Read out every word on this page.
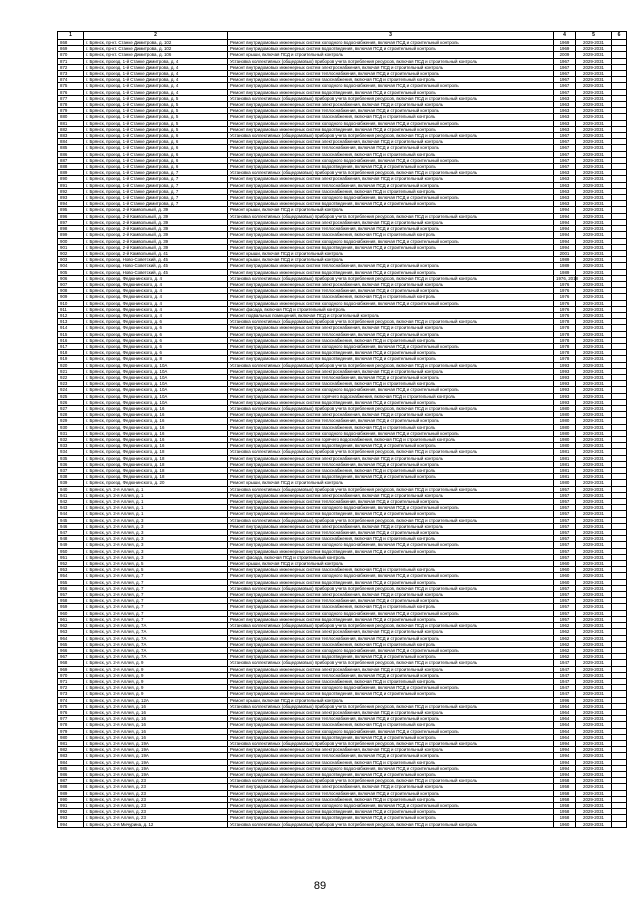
1	2	3	4	5	6
868	г. Брянск, пр-кт. Станке Димитрова, д. 102	Ремонт внутридомовых инженерных систем холодного водоснабжения, включая ПСД и строительный контроль	1969	2029-2031	
869	г. Брянск, пр-кт. Станке Димитрова, д. 102	Ремонт внутридомовых инженерных систем водоотведения, включая ПСД и строительный контроль	1969	2029-2031	
870	г. Брянск, пр-кт. Станке Димитрова, д. 106	Ремонт крыши, включая ПСД и строительный контроль	2009	2029-2031	
871	г. Брянск, проезд. 1-й Станке Димитрова, д. 4	Установка коллективных (общедомовых) приборов учета потребления ресурсов, включая ПСД и строительный контроль	1967	2029-2031	
872	г. Брянск, проезд. 1-й Станке Димитрова, д. 4	Ремонт внутридомовых инженерных систем электроснабжения, включая ПСД и строительный контроль	1967	2029-2031	
873	г. Брянск, проезд. 1-й Станке Димитрова, д. 4	Ремонт внутридомовых инженерных систем теплоснабжения, включая ПСД и строительный контроль	1967	2029-2031	
874	г. Брянск, проезд. 1-й Станке Димитрова, д. 4	Ремонт внутридомовых инженерных систем газоснабжения, включая ПСД и строительный контроль	1967	2029-2031	
875	г. Брянск, проезд. 1-й Станке Димитрова, д. 4	Ремонт внутридомовых инженерных систем холодного водоснабжения, включая ПСД и строительный контроль	1967	2029-2031	
876	г. Брянск, проезд. 1-й Станке Димитрова, д. 4	Ремонт внутридомовых инженерных систем водоотведения, включая ПСД и строительный контроль	1967	2029-2031	
877	г. Брянск, проезд. 1-й Станке Димитрова, д. 5	Установка коллективных (общедомовых) приборов учета потребления ресурсов, включая ПСД и строительный контроль	1963	2029-2031	
878	г. Брянск, проезд. 1-й Станке Димитрова, д. 5	Ремонт внутридомовых инженерных систем электроснабжения, включая ПСД и строительный контроль	1963	2029-2031	
879	г. Брянск, проезд. 1-й Станке Димитрова, д. 5	Ремонт внутридомовых инженерных систем теплоснабжения, включая ПСД и строительный контроль	1963	2029-2031	
880	г. Брянск, проезд. 1-й Станке Димитрова, д. 5	Ремонт внутридомовых инженерных систем газоснабжения, включая ПСД и строительный контроль	1963	2029-2031	
881	г. Брянск, проезд. 1-й Станке Димитрова, д. 5	Ремонт внутридомовых инженерных систем холодного водоснабжения, включая ПСД и строительный контроль	1963	2029-2031	
882	г. Брянск, проезд. 1-й Станке Димитрова, д. 5	Ремонт внутридомовых инженерных систем водоотведения, включая ПСД и строительный контроль	1963	2029-2031	
883	г. Брянск, проезд. 1-й Станке Димитрова, д. 6	Установка коллективных (общедомовых) приборов учета потребления ресурсов, включая ПСД и строительный контроль	1967	2029-2031	
884	г. Брянск, проезд. 1-й Станке Димитрова, д. 6	Ремонт внутридомовых инженерных систем электроснабжения, включая ПСД и строительный контроль	1967	2029-2031	
885	г. Брянск, проезд. 1-й Станке Димитрова, д. 6	Ремонт внутридомовых инженерных систем теплоснабжения, включая ПСД и строительный контроль	1967	2029-2031	
886	г. Брянск, проезд. 1-й Станке Димитрова, д. 6	Ремонт внутридомовых инженерных систем газоснабжения, включая ПСД и строительный контроль	1967	2029-2031	
887	г. Брянск, проезд. 1-й Станке Димитрова, д. 6	Ремонт внутридомовых инженерных систем холодного водоснабжения, включая ПСД и строительный контроль	1967	2029-2031	
888	г. Брянск, проезд. 1-й Станке Димитрова, д. 6	Ремонт внутридомовых инженерных систем водоотведения, включая ПСД и строительный контроль	1967	2029-2031	
889	г. Брянск, проезд. 1-й Станке Димитрова, д. 7	Установка коллективных (общедомовых) приборов учета потребления ресурсов, включая ПСД и строительный контроль	1963	2029-2031	
890	г. Брянск, проезд. 1-й Станке Димитрова, д. 7	Ремонт внутридомовых инженерных систем электроснабжения, включая ПСД и строительный контроль	1963	2029-2031	
891	г. Брянск, проезд. 1-й Станке Димитрова, д. 7	Ремонт внутридомовых инженерных систем теплоснабжения, включая ПСД и строительный контроль	1963	2029-2031	
892	г. Брянск, проезд. 1-й Станке Димитрова, д. 7	Ремонт внутридомовых инженерных систем газоснабжения, включая ПСД и строительный контроль	1963	2029-2031	
893	г. Брянск, проезд. 1-й Станке Димитрова, д. 7	Ремонт внутридомовых инженерных систем холодного водоснабжения, включая ПСД и строительный контроль	1963	2029-2031	
894	г. Брянск, проезд. 1-й Станке Димитрова, д. 7	Ремонт внутридомовых инженерных систем водоотведения, включая ПСД и строительный контроль	1963	2029-2031	
895	г. Брянск, проезд. 2-й Камвольный, д. 39	Ремонт крыши, включая ПСД и строительный контроль	1994	2029-2031	
896	г. Брянск, проезд. 2-й Камвольный, д. 39	Установка коллективных (общедомовых) приборов учета потребления ресурсов, включая ПСД и строительный контроль	1994	2029-2031	
897	г. Брянск, проезд. 2-й Камвольный, д. 39	Ремонт внутридомовых инженерных систем электроснабжения, включая ПСД и строительный контроль	1994	2029-2031	
898	г. Брянск, проезд. 2-й Камвольный, д. 39	Ремонт внутридомовых инженерных систем теплоснабжения, включая ПСД и строительный контроль	1994	2029-2031	
899	г. Брянск, проезд. 2-й Камвольный, д. 39	Ремонт внутридомовых инженерных систем газоснабжения, включая ПСД и строительный контроль	1994	2029-2031	
900	г. Брянск, проезд. 2-й Камвольный, д. 39	Ремонт внутридомовых инженерных систем холодного водоснабжения, включая ПСД и строительный контроль	1994	2029-2031	
901	г. Брянск, проезд. 2-й Камвольный, д. 39	Ремонт внутридомовых инженерных систем водоотведения, включая ПСД и строительный контроль	1994	2029-2031	
902	г. Брянск, проезд. 2-й Камвольный, д. 41	Ремонт крыши, включая ПСД и строительный контроль	2001	2029-2031	
903	г. Брянск, проезд. Ново-Советский, д. 45	Ремонт крыши, включая ПСД и строительный контроль	1989	2029-2031	
904	г. Брянск, проезд. Ново-Советский, д. 45	Ремонт внутридомовых инженерных систем теплоснабжения, включая ПСД и строительный контроль	1989	2029-2031	
905	г. Брянск, проезд. Ново-Советский, д. 45	Ремонт внутридомовых инженерных систем водоотведения, включая ПСД и строительный контроль	1989	2029-2031	
906	г. Брянск, проезд. Федюнинского, д. 4	Установка коллективных (общедомовых) приборов учета потребления ресурсов, включая ПСД и строительный контроль	1976, 2018	2029-2031	
907	г. Брянск, проезд. Федюнинского, д. 4	Ремонт внутридомовых инженерных систем электроснабжения, включая ПСД и строительный контроль	1976	2029-2031	
908	г. Брянск, проезд. Федюнинского, д. 4	Ремонт внутридомовых инженерных систем теплоснабжения, включая ПСД и строительный контроль	1976	2029-2031	
909	г. Брянск, проезд. Федюнинского, д. 4	Ремонт внутридомовых инженерных систем газоснабжения, включая ПСД и строительный контроль	1976	2029-2031	
910	г. Брянск, проезд. Федюнинского, д. 4	Ремонт внутридомовых инженерных систем холодного водоснабжения, включая ПСД и строительный контроль	1976	2029-2031	
911	г. Брянск, проезд. Федюнинского, д. 4	Ремонт фасада, включая ПСД и строительный контроль	1976	2029-2031	
912	г. Брянск, проезд. Федюнинского, д. 4	Ремонт подвальных помещений, включая ПСД и строительный контроль	1976	2029-2031	
913	г. Брянск, проезд. Федюнинского, д. 6	Установка коллективных (общедомовых) приборов учета потребления ресурсов, включая ПСД и строительный контроль	1978	2029-2031	
914	г. Брянск, проезд. Федюнинского, д. 6	Ремонт внутридомовых инженерных систем электроснабжения, включая ПСД и строительный контроль	1978	2029-2031	
915	г. Брянск, проезд. Федюнинского, д. 6	Ремонт внутридомовых инженерных систем теплоснабжения, включая ПСД и строительный контроль	1978	2029-2031	
916	г. Брянск, проезд. Федюнинского, д. 6	Ремонт внутридомовых инженерных систем газоснабжения, включая ПСД и строительный контроль	1978	2029-2031	
917	г. Брянск, проезд. Федюнинского, д. 6	Ремонт внутридомовых инженерных систем холодного водоснабжения, включая ПСД и строительный контроль	1978	2029-2031	
918	г. Брянск, проезд. Федюнинского, д. 6	Ремонт внутридомовых инженерных систем водоотведения, включая ПСД и строительный контроль	1978	2029-2031	
919	г. Брянск, проезд. Федюнинского, д. 8	Ремонт внутридомовых инженерных систем водоотведения, включая ПСД и строительный контроль	1978	2029-2031	
920	г. Брянск, проезд. Федюнинского, д. 10А	Установка коллективных (общедомовых) приборов учета потребления ресурсов, включая ПСД и строительный контроль	1993	2029-2031	
921	г. Брянск, проезд. Федюнинского, д. 10А	Ремонт внутридомовых инженерных систем электроснабжения, включая ПСД и строительный контроль	1993	2029-2031	
922	г. Брянск, проезд. Федюнинского, д. 10А	Ремонт внутридомовых инженерных систем теплоснабжения, включая ПСД и строительный контроль	1993	2029-2031	
923	г. Брянск, проезд. Федюнинского, д. 10А	Ремонт внутридомовых инженерных систем газоснабжения, включая ПСД и строительный контроль	1993	2029-2031	
924	г. Брянск, проезд. Федюнинского, д. 10А	Ремонт внутридомовых инженерных систем холодного водоснабжения, включая ПСД и строительный контроль	1993	2029-2031	
925	г. Брянск, проезд. Федюнинского, д. 10А	Ремонт внутридомовых инженерных систем горячего водоснабжения, включая ПСД и строительный контроль	1993	2029-2031	
926	г. Брянск, проезд. Федюнинского, д. 10А	Ремонт внутридомовых инженерных систем водоотведения, включая ПСД и строительный контроль	1993	2029-2031	
927	г. Брянск, проезд. Федюнинского, д. 16	Установка коллективных (общедомовых) приборов учета потребления ресурсов, включая ПСД и строительный контроль	1980	2029-2031	
928	г. Брянск, проезд. Федюнинского, д. 16	Ремонт внутридомовых инженерных систем электроснабжения, включая ПСД и строительный контроль	1980	2029-2031	
929	г. Брянск, проезд. Федюнинского, д. 16	Ремонт внутридомовых инженерных систем теплоснабжения, включая ПСД и строительный контроль	1980	2029-2031	
930	г. Брянск, проезд. Федюнинского, д. 16	Ремонт внутридомовых инженерных систем газоснабжения, включая ПСД и строительный контроль	1980	2029-2031	
931	г. Брянск, проезд. Федюнинского, д. 16	Ремонт внутридомовых инженерных систем холодного водоснабжения, включая ПСД и строительный контроль	1980	2029-2031	
932	г. Брянск, проезд. Федюнинского, д. 16	Ремонт внутридомовых инженерных систем горячего водоснабжения, включая ПСД и строительный контроль	1980	2029-2031	
933	г. Брянск, проезд. Федюнинского, д. 16	Ремонт внутридомовых инженерных систем водоотведения, включая ПСД и строительный контроль	1980	2029-2031	
934	г. Брянск, проезд. Федюнинского, д. 18	Установка коллективных (общедомовых) приборов учета потребления ресурсов, включая ПСД и строительный контроль	1981	2029-2031	
935	г. Брянск, проезд. Федюнинского, д. 18	Ремонт внутридомовых инженерных систем электроснабжения, включая ПСД и строительный контроль	1981	2029-2031	
936	г. Брянск, проезд. Федюнинского, д. 18	Ремонт внутридомовых инженерных систем теплоснабжения, включая ПСД и строительный контроль	1981	2029-2031	
937	г. Брянск, проезд. Федюнинского, д. 18	Ремонт внутридомовых инженерных систем газоснабжения, включая ПСД и строительный контроль	1981	2029-2031	
938	г. Брянск, проезд. Федюнинского, д. 18	Ремонт внутридомовых инженерных систем водоотведения, включая ПСД и строительный контроль	1981	2029-2031	
939	г. Брянск, проезд. Федюнинского, д. 20	Ремонт крыши, включая ПСД и строительный контроль	1980	2029-2031	
940	г. Брянск, ул. 2-я Аллея, д. 1	Установка коллективных (общедомовых) приборов учета потребления ресурсов, включая ПСД и строительный контроль	1957	2029-2031	
941	г. Брянск, ул. 2-я Аллея, д. 1	Ремонт внутридомовых инженерных систем электроснабжения, включая ПСД и строительный контроль	1957	2029-2031	
942	г. Брянск, ул. 2-я Аллея, д. 1	Ремонт внутридомовых инженерных систем теплоснабжения, включая ПСД и строительный контроль	1957	2029-2031	
943	г. Брянск, ул. 2-я Аллея, д. 1	Ремонт внутридомовых инженерных систем холодного водоснабжения, включая ПСД и строительный контроль	1957	2029-2031	
944	г. Брянск, ул. 2-я Аллея, д. 1	Ремонт внутридомовых инженерных систем водоотведения, включая ПСД и строительный контроль	1957	2029-2031	
945	г. Брянск, ул. 2-я Аллея, д. 3	Установка коллективных (общедомовых) приборов учета потребления ресурсов, включая ПСД и строительный контроль	1957	2029-2031	
946	г. Брянск, ул. 2-я Аллея, д. 3	Ремонт внутридомовых инженерных систем электроснабжения, включая ПСД и строительный контроль	1957	2029-2031	
947	г. Брянск, ул. 2-я Аллея, д. 3	Ремонт внутридомовых инженерных систем теплоснабжения, включая ПСД и строительный контроль	1957	2029-2031	
948	г. Брянск, ул. 2-я Аллея, д. 3	Ремонт внутридомовых инженерных систем газоснабжения, включая ПСД и строительный контроль	1957	2029-2031	
949	г. Брянск, ул. 2-я Аллея, д. 3	Ремонт внутридомовых инженерных систем холодного водоснабжения, включая ПСД и строительный контроль	1957	2029-2031	
950	г. Брянск, ул. 2-я Аллея, д. 3	Ремонт внутридомовых инженерных систем водоотведения, включая ПСД и строительный контроль	1957	2029-2031	
951	г. Брянск, ул. 2-я Аллея, д. 3	Ремонт фасада, включая ПСД и строительный контроль	1957	2029-2031	
952	г. Брянск, ул. 2-я Аллея, д. 5	Ремонт крыши, включая ПСД и строительный контроль	1960	2029-2031	
953	г. Брянск, ул. 2-я Аллея, д. 5	Ремонт внутридомовых инженерных систем газоснабжения, включая ПСД и строительный контроль	1960	2029-2031	
954	г. Брянск, ул. 2-я Аллея, д. 7	Ремонт внутридомовых инженерных систем холодного водоснабжения, включая ПСД и строительный контроль	1960	2029-2031	
955	г. Брянск, ул. 2-я Аллея, д. 7	Ремонт внутридомовых инженерных систем водоотведения, включая ПСД и строительный контроль	1960	2029-2031	
956	г. Брянск, ул. 2-я Аллея, д. 7	Установка коллективных (общедомовых) приборов учета потребления ресурсов, включая ПСД и строительный контроль	1957	2029-2031	
957	г. Брянск, ул. 2-я Аллея, д. 7	Ремонт внутридомовых инженерных систем электроснабжения, включая ПСД и строительный контроль	1957	2029-2031	
958	г. Брянск, ул. 2-я Аллея, д. 7	Ремонт внутридомовых инженерных систем теплоснабжения, включая ПСД и строительный контроль	1957	2029-2031	
959	г. Брянск, ул. 2-я Аллея, д. 7	Ремонт внутридомовых инженерных систем газоснабжения, включая ПСД и строительный контроль	1957	2029-2031	
960	г. Брянск, ул. 2-я Аллея, д. 7	Ремонт внутридомовых инженерных систем холодного водоснабжения, включая ПСД и строительный контроль	1957	2029-2031	
961	г. Брянск, ул. 2-я Аллея, д. 7	Ремонт внутридомовых инженерных систем водоотведения, включая ПСД и строительный контроль	1957	2029-2031	
962	г. Брянск, ул. 2-я Аллея, д. 7А	Установка коллективных (общедомовых) приборов учета потребления ресурсов, включая ПСД и строительный контроль	1962	2029-2031	
963	г. Брянск, ул. 2-я Аллея, д. 7А	Ремонт внутридомовых инженерных систем электроснабжения, включая ПСД и строительный контроль	1962	2029-2031	
964	г. Брянск, ул. 2-я Аллея, д. 7А	Ремонт внутридомовых инженерных систем теплоснабжения, включая ПСД и строительный контроль	1962	2029-2031	
965	г. Брянск, ул. 2-я Аллея, д. 7А	Ремонт внутридомовых инженерных систем газоснабжения, включая ПСД и строительный контроль	1962	2029-2031	
966	г. Брянск, ул. 2-я Аллея, д. 7А	Ремонт внутридомовых инженерных систем холодного водоснабжения, включая ПСД и строительный контроль	1962	2029-2031	
967	г. Брянск, ул. 2-я Аллея, д. 7А	Ремонт внутридомовых инженерных систем водоотведения, включая ПСД и строительный контроль	1962	2029-2031	
968	г. Брянск, ул. 2-я Аллея, д. 9	Установка коллективных (общедомовых) приборов учета потребления ресурсов, включая ПСД и строительный контроль	1947	2029-2031	
969	г. Брянск, ул. 2-я Аллея, д. 9	Ремонт внутридомовых инженерных систем электроснабжения, включая ПСД и строительный контроль	1947	2029-2031	
970	г. Брянск, ул. 2-я Аллея, д. 9	Ремонт внутридомовых инженерных систем теплоснабжения, включая ПСД и строительный контроль	1947	2029-2031	
971	г. Брянск, ул. 2-я Аллея, д. 9	Ремонт внутридомовых инженерных систем газоснабжения, включая ПСД и строительный контроль	1947	2029-2031	
972	г. Брянск, ул. 2-я Аллея, д. 9	Ремонт внутридомовых инженерных систем холодного водоснабжения, включая ПСД и строительный контроль	1947	2029-2031	
973	г. Брянск, ул. 2-я Аллея, д. 9	Ремонт внутридомовых инженерных систем водоотведения, включая ПСД и строительный контроль	1947	2029-2031	
974	г. Брянск, ул. 2-я Аллея, д. 12А	Ремонт крыши, включая ПСД и строительный контроль	1996	2029-2031	
975	г. Брянск, ул. 2-я Аллея, д. 16	Установка коллективных (общедомовых) приборов учета потребления ресурсов, включая ПСД и строительный контроль	1964	2029-2031	
976	г. Брянск, ул. 2-я Аллея, д. 16	Ремонт внутридомовых инженерных систем электроснабжения, включая ПСД и строительный контроль	1964	2029-2031	
977	г. Брянск, ул. 2-я Аллея, д. 16	Ремонт внутридомовых инженерных систем теплоснабжения, включая ПСД и строительный контроль	1964	2029-2031	
978	г. Брянск, ул. 2-я Аллея, д. 16	Ремонт внутридомовых инженерных систем газоснабжения, включая ПСД и строительный контроль	1964	2029-2031	
979	г. Брянск, ул. 2-я Аллея, д. 16	Ремонт внутридомовых инженерных систем холодного водоснабжения, включая ПСД и строительный контроль	1964	2029-2031	
980	г. Брянск, ул. 2-я Аллея, д. 16	Ремонт внутридомовых инженерных систем водоотведения, включая ПСД и строительный контроль	1964	2029-2031	
981	г. Брянск, ул. 2-я Аллея, д. 19А	Установка коллективных (общедомовых) приборов учета потребления ресурсов, включая ПСД и строительный контроль	1994	2029-2031	
982	г. Брянск, ул. 2-я Аллея, д. 19А	Ремонт внутридомовых инженерных систем электроснабжения, включая ПСД и строительный контроль	1994	2029-2031	
983	г. Брянск, ул. 2-я Аллея, д. 19А	Ремонт внутридомовых инженерных систем теплоснабжения, включая ПСД и строительный контроль	1994	2029-2031	
984	г. Брянск, ул. 2-я Аллея, д. 19А	Ремонт внутридомовых инженерных систем газоснабжения, включая ПСД и строительный контроль	1994	2029-2031	
985	г. Брянск, ул. 2-я Аллея, д. 19А	Ремонт внутридомовых инженерных систем холодного водоснабжения, включая ПСД и строительный контроль	1994	2029-2031	
986	г. Брянск, ул. 2-я Аллея, д. 19А	Ремонт внутридомовых инженерных систем водоотведения, включая ПСД и строительный контроль	1994	2029-2031	
987	г. Брянск, ул. 2-я Аллея, д. 23	Установка коллективных (общедомовых) приборов учета потребления ресурсов, включая ПСД и строительный контроль	1958	2029-2031	
988	г. Брянск, ул. 2-я Аллея, д. 23	Ремонт внутридомовых инженерных систем электроснабжения, включая ПСД и строительный контроль	1958	2029-2031	
989	г. Брянск, ул. 2-я Аллея, д. 23	Ремонт внутридомовых инженерных систем теплоснабжения, включая ПСД и строительный контроль	1958	2029-2031	
990	г. Брянск, ул. 2-я Аллея, д. 23	Ремонт внутридомовых инженерных систем газоснабжения, включая ПСД и строительный контроль	1958	2029-2031	
991	г. Брянск, ул. 2-я Аллея, д. 23	Ремонт внутридомовых инженерных систем холодного водоснабжения, включая ПСД и строительный контроль	1958	2029-2031	
992	г. Брянск, ул. 2-я Аллея, д. 23	Ремонт внутридомовых инженерных систем водоотведения, включая ПСД и строительный контроль	1958	2029-2031	
993	г. Брянск, ул. 2-я Аллея, д. 23	Ремонт внутридомовых инженерных систем водоотведения, включая ПСД и строительный контроль	1958	2029-2031	
994	г. Брянск, ул. 2-я Мичурина, д. 12	Установка коллективных (общедомовых) приборов учета потребления ресурсов, включая ПСД и строительный контроль	1960	2029-2031	
89
